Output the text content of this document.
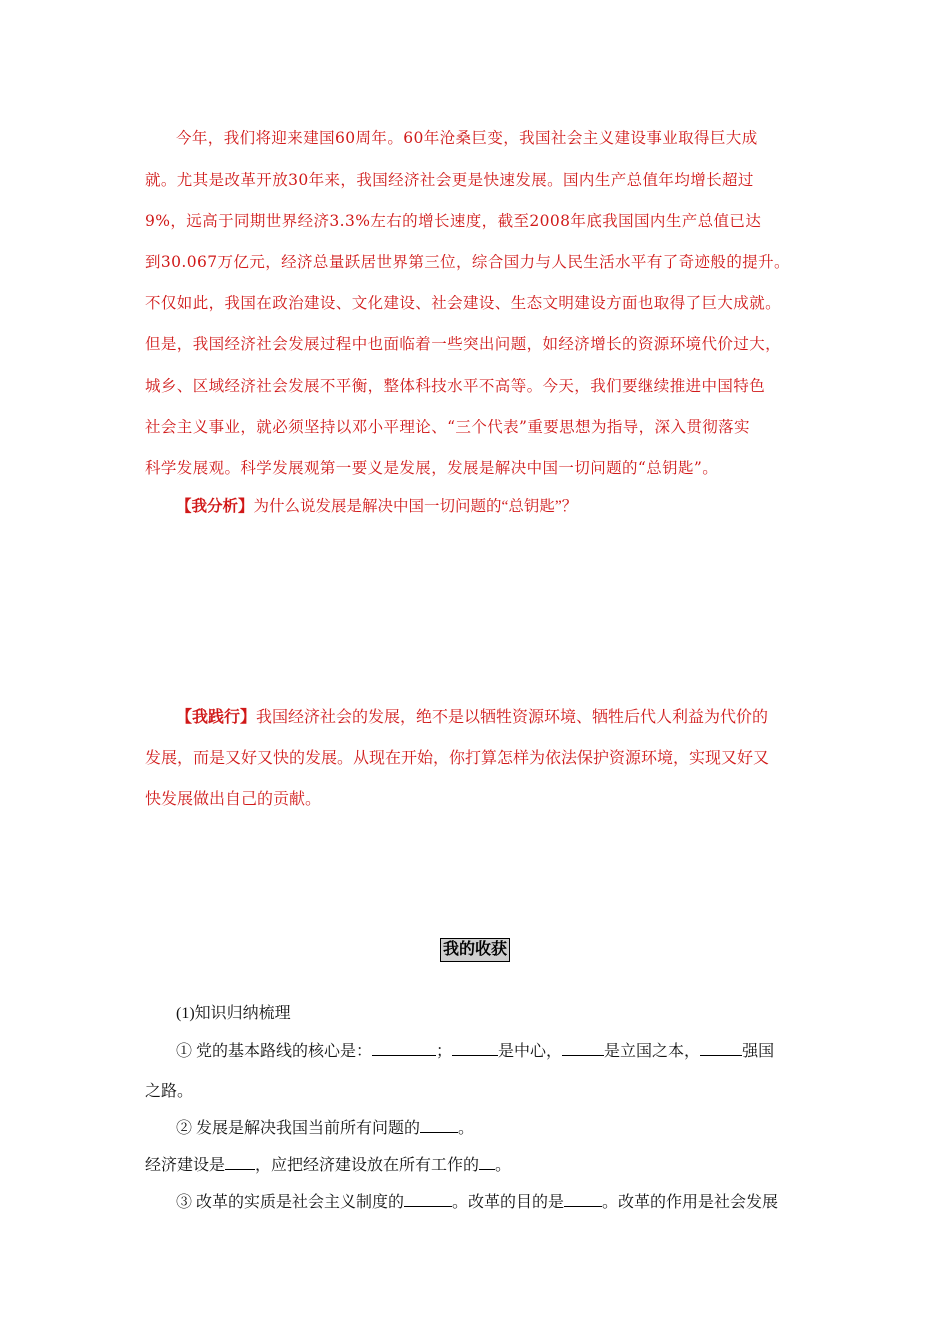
今年，我们将迎来建国60周年。60年沧桑巨变，我国社会主义建设事业取得巨大成
就。尤其是改革开放30年来，我国经济社会更是快速发展。国内生产总值年均增长超过
9%，远高于同期世界经济3.3%左右的增长速度，截至2008年底我国国内生产总值已达
到30.067万亿元，经济总量跃居世界第三位，综合国力与人民生活水平有了奇迹般的提升。
不仅如此，我国在政治建设、文化建设、社会建设、生态文明建设方面也取得了巨大成就。
但是，我国经济社会发展过程中也面临着一些突出问题，如经济增长的资源环境代价过大，
城乡、区域经济社会发展不平衡，整体科技水平不高等。今天，我们要继续推进中国特色
社会主义事业，就必须坚持以邓小平理论、“三个代表”重要思想为指导，深入贯彻落实
科学发展观。科学发展观第一要义是发展，发展是解决中国一切问题的“总钥匙”。
【我分析】为什么说发展是解决中国一切问题的“总钥匙”？
【我践行】我国经济社会的发展，绝不是以牺牲资源环境、牺牲后代人利益为代价的
发展，而是又好又快的发展。从现在开始，你打算怎样为依法保护资源环境，实现又好又
快发展做出自己的贡献。
我的收获
(1)知识归纳梳理
① 党的基本路线的核心是：	；	是中心，	是立国之本，	强国
之路。
② 发展是解决我国当前所有问题的 。
经济建设是 ，应把经济建设放在所有工作的 。
③ 改革的实质是社会主义制度的	。改革的目的是 。改革的作用是社会发展
